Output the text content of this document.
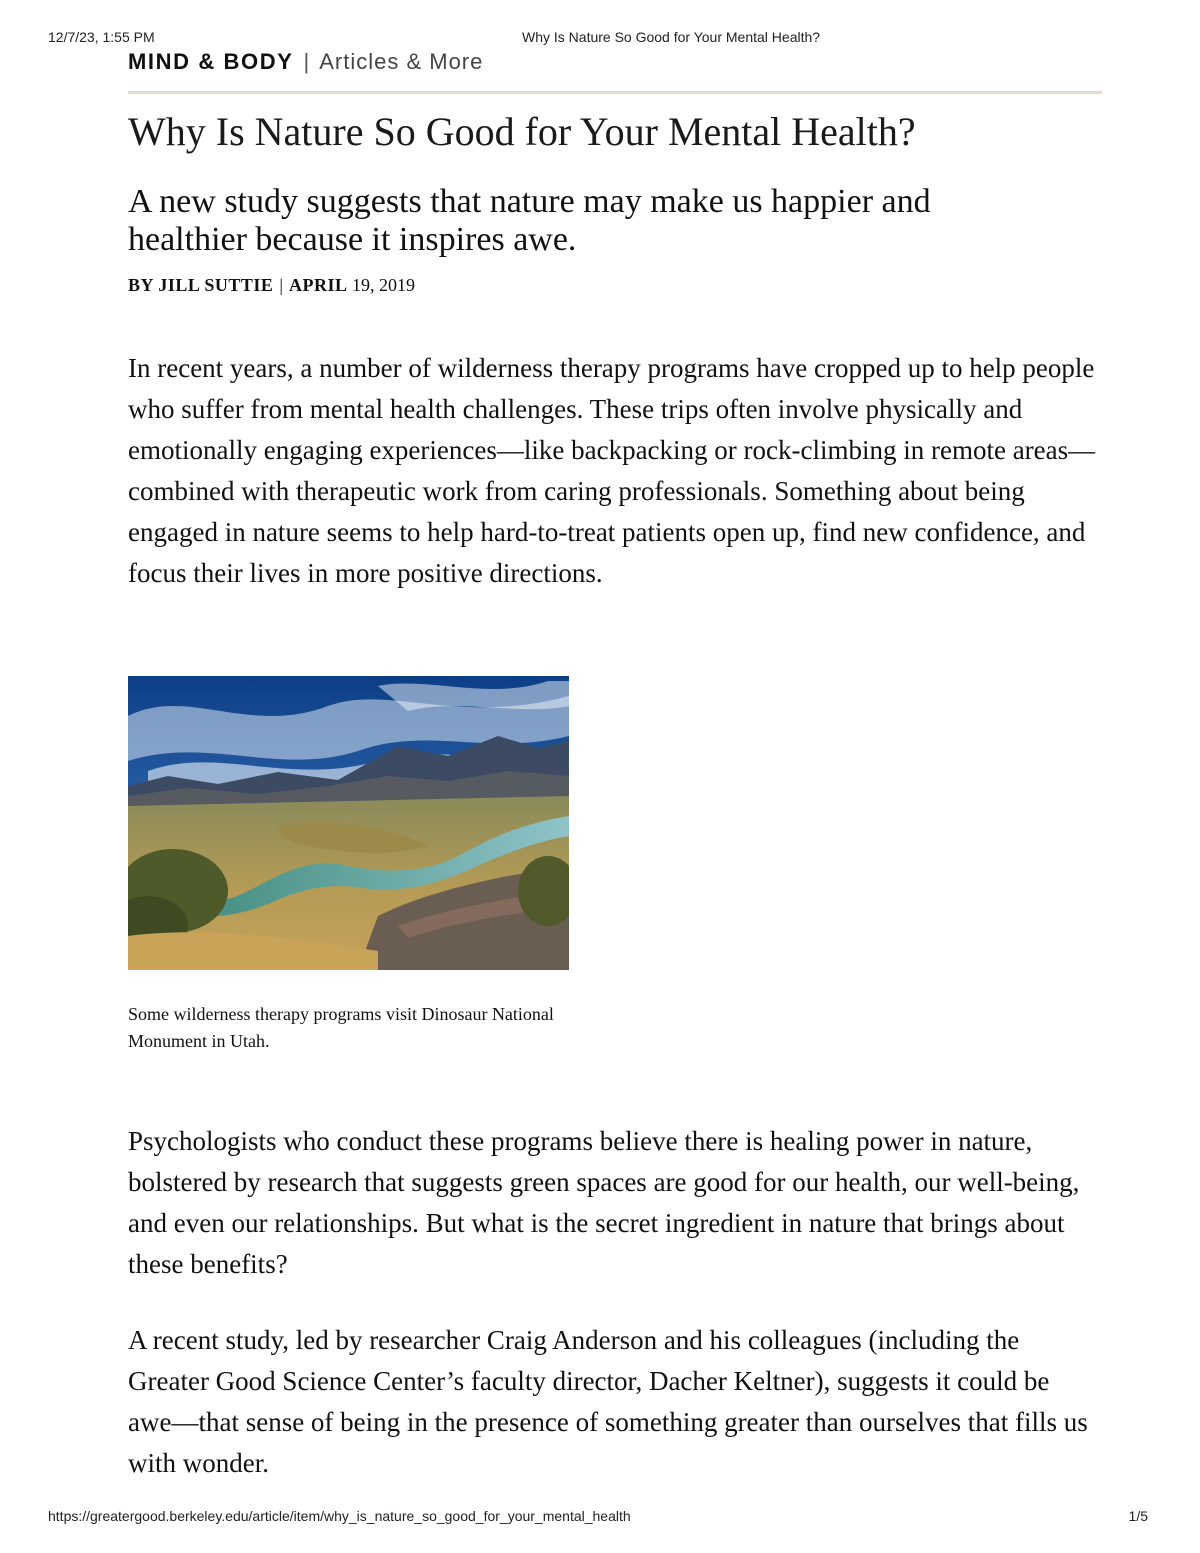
12/7/23, 1:55 PM	Why Is Nature So Good for Your Mental Health?
MIND & BODY | Articles & More
Why Is Nature So Good for Your Mental Health?
A new study suggests that nature may make us happier and healthier because it inspires awe.
BY JILL SUTTIE | APRIL 19, 2019

In recent years, a number of wilderness therapy programs have cropped up to help people who suffer from mental health challenges. These trips often involve physically and emotionally engaging experiences—like backpacking or rock-climbing in remote areas—combined with therapeutic work from caring professionals. Something about being engaged in nature seems to help hard-to-treat patients open up, find new confidence, and focus their lives in more positive directions.

Some wilderness therapy programs visit Dinosaur National Monument in Utah.

Psychologists who conduct these programs believe there is healing power in nature, bolstered by research that suggests green spaces are good for our health, our well-being, and even our relationships. But what is the secret ingredient in nature that brings about these benefits?

A recent study, led by researcher Craig Anderson and his colleagues (including the Greater Good Science Center’s faculty director, Dacher Keltner), suggests it could be awe—that sense of being in the presence of something greater than ourselves that fills us with wonder.

https://greatergood.berkeley.edu/article/item/why_is_nature_so_good_for_your_mental_health	1/5
